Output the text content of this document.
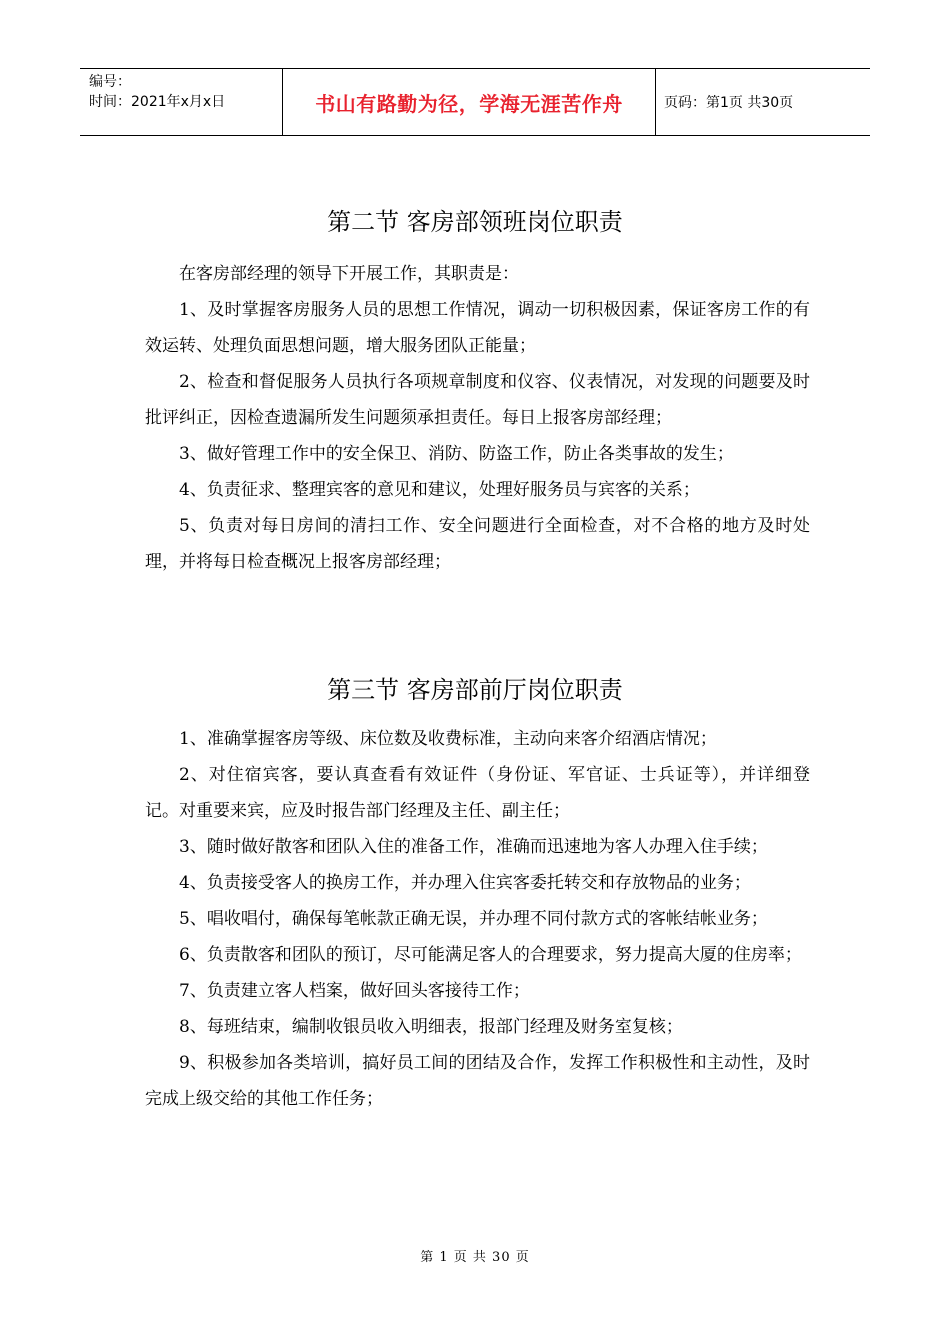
编号：
时间：2021年x月x日	书山有路勤为径，学海无涯苦作舟	页码：第1页 共30页
第二节 客房部领班岗位职责

在客房部经理的领导下开展工作，其职责是：

1、及时掌握客房服务人员的思想工作情况，调动一切积极因素，保证客房工作的有效运转、处理负面思想问题，增大服务团队正能量；

2、检查和督促服务人员执行各项规章制度和仪容、仪表情况，对发现的问题要及时批评纠正，因检查遗漏所发生问题须承担责任。每日上报客房部经理；

3、做好管理工作中的安全保卫、消防、防盗工作，防止各类事故的发生；

4、负责征求、整理宾客的意见和建议，处理好服务员与宾客的关系；

5、负责对每日房间的清扫工作、安全问题进行全面检查，对不合格的地方及时处理，并将每日检查概况上报客房部经理；

第三节 客房部前厅岗位职责

1、准确掌握客房等级、床位数及收费标准，主动向来客介绍酒店情况；

2、对住宿宾客，要认真查看有效证件（身份证、军官证、士兵证等），并详细登记。对重要来宾，应及时报告部门经理及主任、副主任；

3、随时做好散客和团队入住的准备工作，准确而迅速地为客人办理入住手续；

4、负责接受客人的换房工作，并办理入住宾客委托转交和存放物品的业务；

5、唱收唱付，确保每笔帐款正确无误，并办理不同付款方式的客帐结帐业务；

6、负责散客和团队的预订，尽可能满足客人的合理要求，努力提高大厦的住房率；

7、负责建立客人档案，做好回头客接待工作；

8、每班结束，编制收银员收入明细表，报部门经理及财务室复核；

9、积极参加各类培训，搞好员工间的团结及合作，发挥工作积极性和主动性，及时完成上级交给的其他工作任务；

第 1 页 共 30 页
